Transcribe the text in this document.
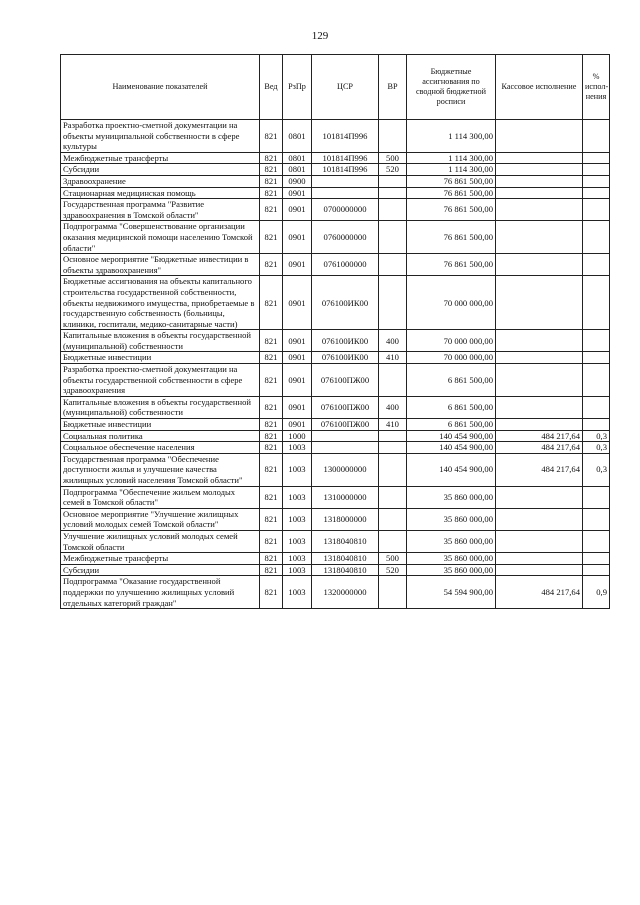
129
Наименование показателей	Вед	РзПр	ЦСР	ВР	Бюджетные ассигнования по сводной бюджетной росписи	Кассовое исполнение	% испол-нения
Разработка проектно-сметной документации на объекты муниципальной собственности в сфере культуры	821	0801	101814П996		1 114 300,00		
Межбюджетные трансферты	821	0801	101814П996	500	1 114 300,00		
Субсидии	821	0801	101814П996	520	1 114 300,00		
Здравоохранение	821	0900			76 861 500,00		
Стационарная медицинская помощь	821	0901			76 861 500,00		
Государственная программа "Развитие здравоохранения в Томской области"	821	0901	0700000000		76 861 500,00		
Подпрограмма "Совершенствование организации оказания медицинской помощи населению Томской области"	821	0901	0760000000		76 861 500,00		
Основное мероприятие "Бюджетные инвестиции в объекты здравоохранения"	821	0901	0761000000		76 861 500,00		
Бюджетные ассигнования на объекты капитального строительства государственной собственности, объекты недвижимого имущества, приобретаемые в государственную собственность (больницы, клиники, госпитали, медико-санитарные части)	821	0901	076100ИК00		70 000 000,00		
Капитальные вложения в объекты государственной (муниципальной) собственности	821	0901	076100ИК00	400	70 000 000,00		
Бюджетные инвестиции	821	0901	076100ИК00	410	70 000 000,00		
Разработка проектно-сметной документации на объекты государственной собственности в сфере здравоохранения	821	0901	076100ПЖ00		6 861 500,00		
Капитальные вложения в объекты государственной (муниципальной) собственности	821	0901	076100ПЖ00	400	6 861 500,00		
Бюджетные инвестиции	821	0901	076100ПЖ00	410	6 861 500,00		
Социальная политика	821	1000			140 454 900,00	484 217,64	0,3
Социальное обеспечение населения	821	1003			140 454 900,00	484 217,64	0,3
Государственная программа "Обеспечение доступности жилья и улучшение качества жилищных условий населения Томской области"	821	1003	1300000000		140 454 900,00	484 217,64	0,3
Подпрограмма "Обеспечение жильем молодых семей в Томской области"	821	1003	1310000000		35 860 000,00		
Основное мероприятие "Улучшение жилищных условий молодых семей Томской области"	821	1003	1318000000		35 860 000,00		
Улучшение жилищных условий молодых семей Томской области	821	1003	1318040810		35 860 000,00		
Межбюджетные трансферты	821	1003	1318040810	500	35 860 000,00		
Субсидии	821	1003	1318040810	520	35 860 000,00		
Подпрограмма "Оказание государственной поддержки по улучшению жилищных условий отдельных категорий граждан"	821	1003	1320000000		54 594 900,00	484 217,64	0,9
